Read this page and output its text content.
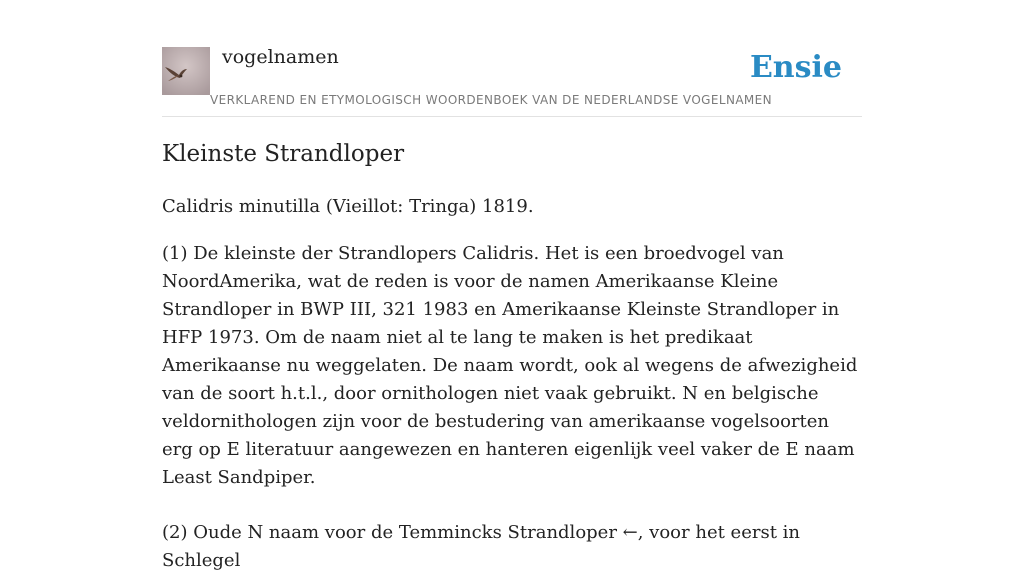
vogelnamen
VERKLAREND EN ETYMOLOGISCH WOORDENBOEK VAN DE NEDERLANDSE VOGELNAMEN
Ensie
Kleinste Strandloper

Calidris minutilla (Vieillot: Tringa) 1819.

(1) De kleinste der Strandlopers Calidris. Het is een broedvogel van NoordAmerika, wat de reden is voor de namen Amerikaanse Kleine Strandloper in BWP III, 321 1983 en Amerikaanse Kleinste Strandloper in HFP 1973. Om de naam niet al te lang te maken is het predikaat Amerikaanse nu weggelaten. De naam wordt, ook al wegens de afwezigheid van de soort h.t.l., door ornithologen niet vaak gebruikt. N en belgische veldornithologen zijn voor de bestudering van amerikaanse vogelsoorten erg op E literatuur aangewezen en hanteren eigenlijk veel vaker de E naam Least Sandpiper.

(2) Oude N naam voor de Temmincks Strandloper ←, voor het eerst in Schlegel
